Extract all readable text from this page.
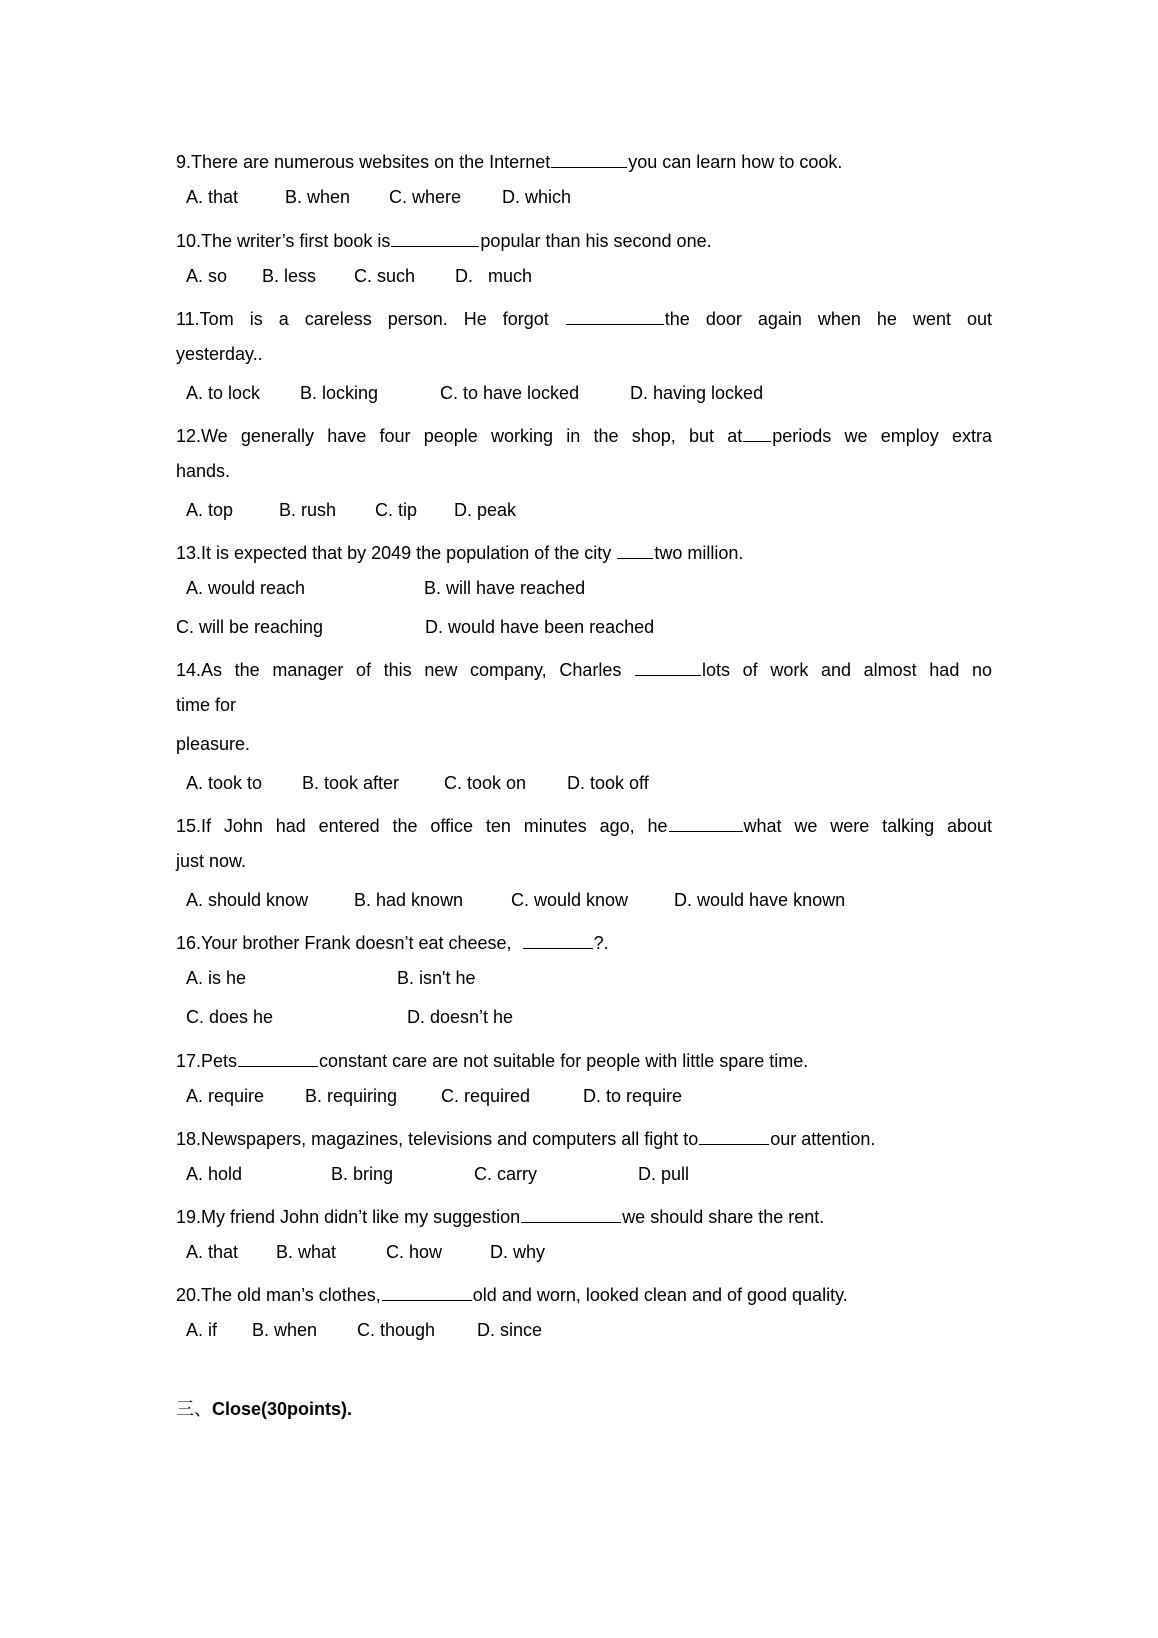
9.There are numerous websites on the Internet	you can learn how to cook.
A. that	B. when C. where D. which
10.The writer’s first book is	popular than his second one.
A. so B. less C. such D.   much
11.Tom is a careless person. He forgot	the door again when he went out
yesterday..
A. to lock B. locking	C. to have locked	D. having locked
12.We generally have four people working in the shop, but at periods we employ extra
hands.
A. top	B. rush C. tip D. peak
13.It is expected that by 2049 the population of the city two million.
A. would reach	B. will have reached
C. will be reaching	D. would have been reached
14.As the manager of this new company, Charles	lots of work and almost had no
time for
pleasure.
A. took to B. took after C. took on D. took off
15.If John had entered the office ten minutes ago, he	what we were talking about
just now.
A. should know	B. had known	C. would know	D. would have known
16.Your brother Frank doesn’t eat cheese,	?.
A. is he	B. isn't he
C. does he	D. doesn’t he
17.Pets	constant care are not suitable for people with little spare time.
A. require B. requiring C. required	D. to require
18.Newspapers, magazines, televisions and computers all fight to	our attention.
A. hold	B. bring	C. carry	D. pull
19.My friend John didn’t like my suggestion	we should share the rent.
A. that B. what	C. how	D. why
20.The old man’s clothes,	old and worn, looked clean and of good quality.
A. if B. when C. though D. since
三、Close(30points).
